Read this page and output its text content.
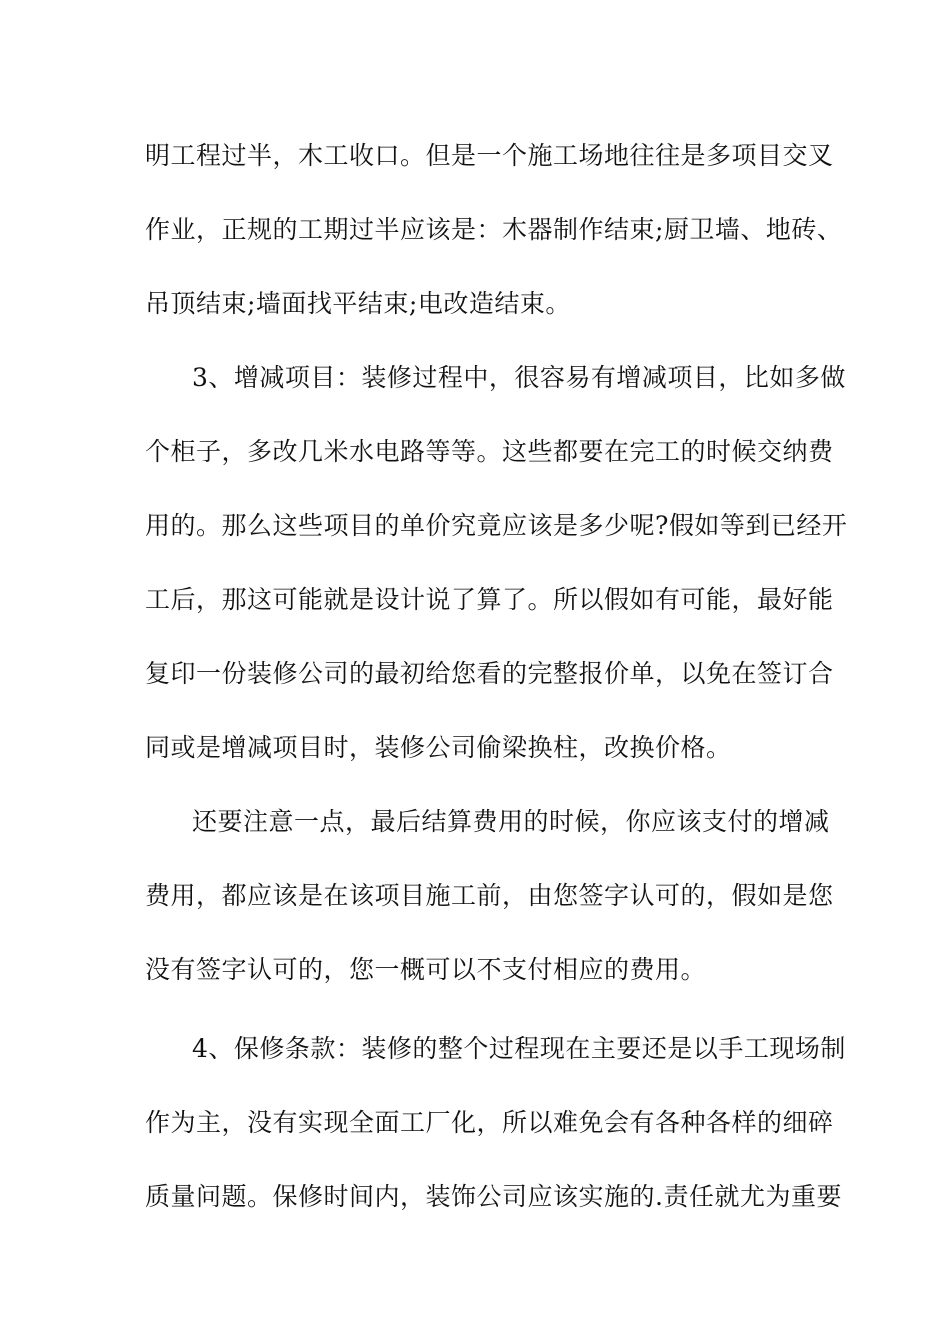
明工程过半，木工收口。但是一个施工场地往往是多项目交叉
作业，正规的工期过半应该是：木器制作结束;厨卫墙、地砖、
吊顶结束;墙面找平结束;电改造结束。
3、增减项目：装修过程中，很容易有增减项目，比如多做
个柜子，多改几米水电路等等。这些都要在完工的时候交纳费
用的。那么这些项目的单价究竟应该是多少呢?假如等到已经开
工后，那这可能就是设计说了算了。所以假如有可能，最好能
复印一份装修公司的最初给您看的完整报价单，以免在签订合
同或是增减项目时，装修公司偷梁换柱，改换价格。
还要注意一点，最后结算费用的时候，你应该支付的增减
费用，都应该是在该项目施工前，由您签字认可的，假如是您
没有签字认可的，您一概可以不支付相应的费用。
4、保修条款：装修的整个过程现在主要还是以手工现场制
作为主，没有实现全面工厂化，所以难免会有各种各样的细碎
质量问题。保修时间内，装饰公司应该实施的.责任就尤为重要
